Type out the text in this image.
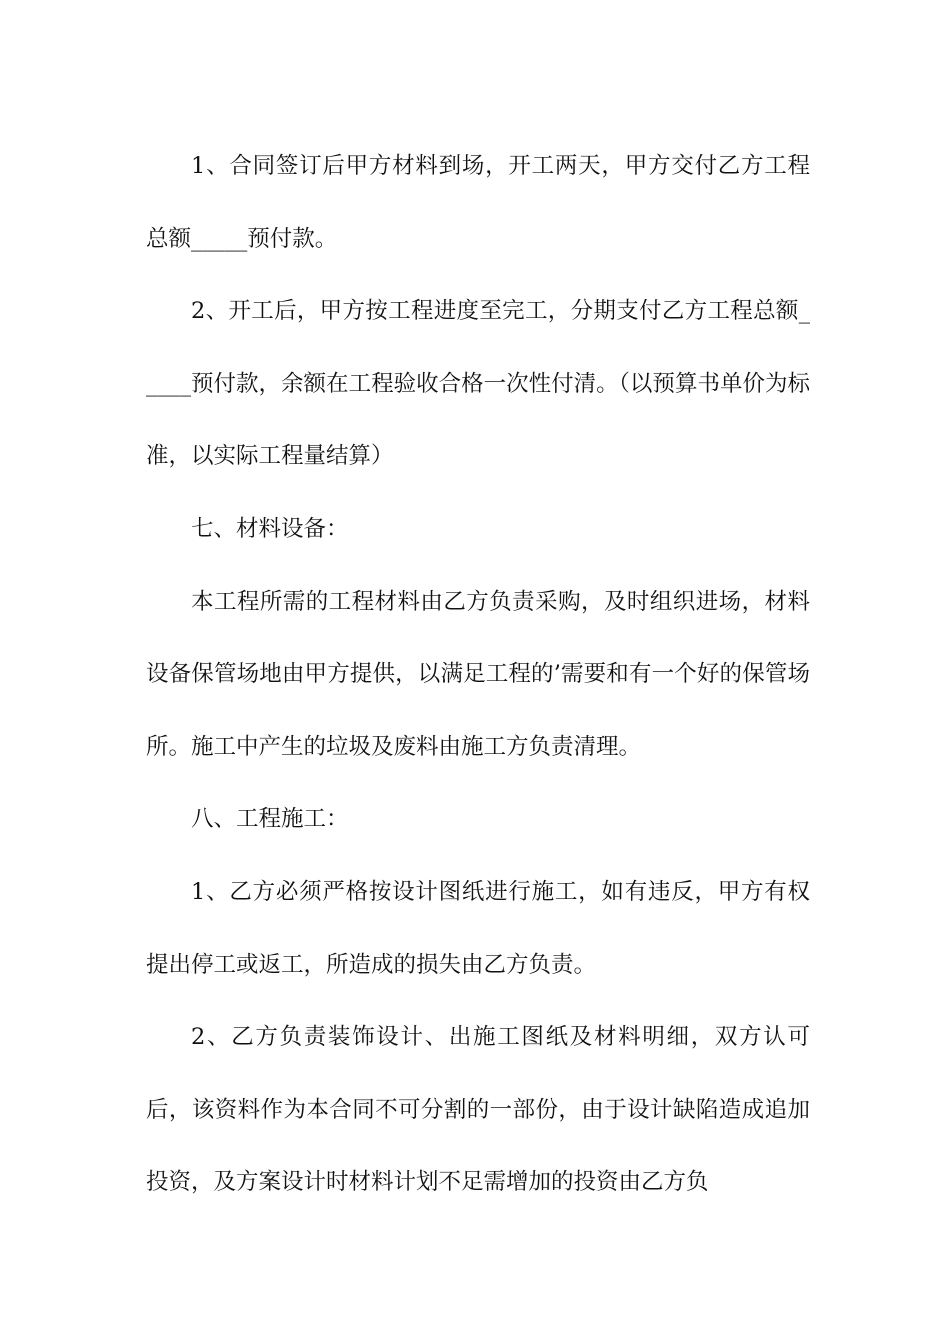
1、合同签订后甲方材料到场，开工两天，甲方交付乙方工程总额_____预付款。

2、开工后，甲方按工程进度至完工，分期支付乙方工程总额_____预付款，余额在工程验收合格一次性付清。（以预算书单价为标准，以实际工程量结算）

七、材料设备：

本工程所需的工程材料由乙方负责采购，及时组织进场，材料设备保管场地由甲方提供，以满足工程的’需要和有一个好的保管场所。施工中产生的垃圾及废料由施工方负责清理。

八、工程施工：

1、乙方必须严格按设计图纸进行施工，如有违反，甲方有权提出停工或返工，所造成的损失由乙方负责。

2、乙方负责装饰设计、出施工图纸及材料明细，双方认可后，该资料作为本合同不可分割的一部份，由于设计缺陷造成追加投资，及方案设计时材料计划不足需增加的投资由乙方负
